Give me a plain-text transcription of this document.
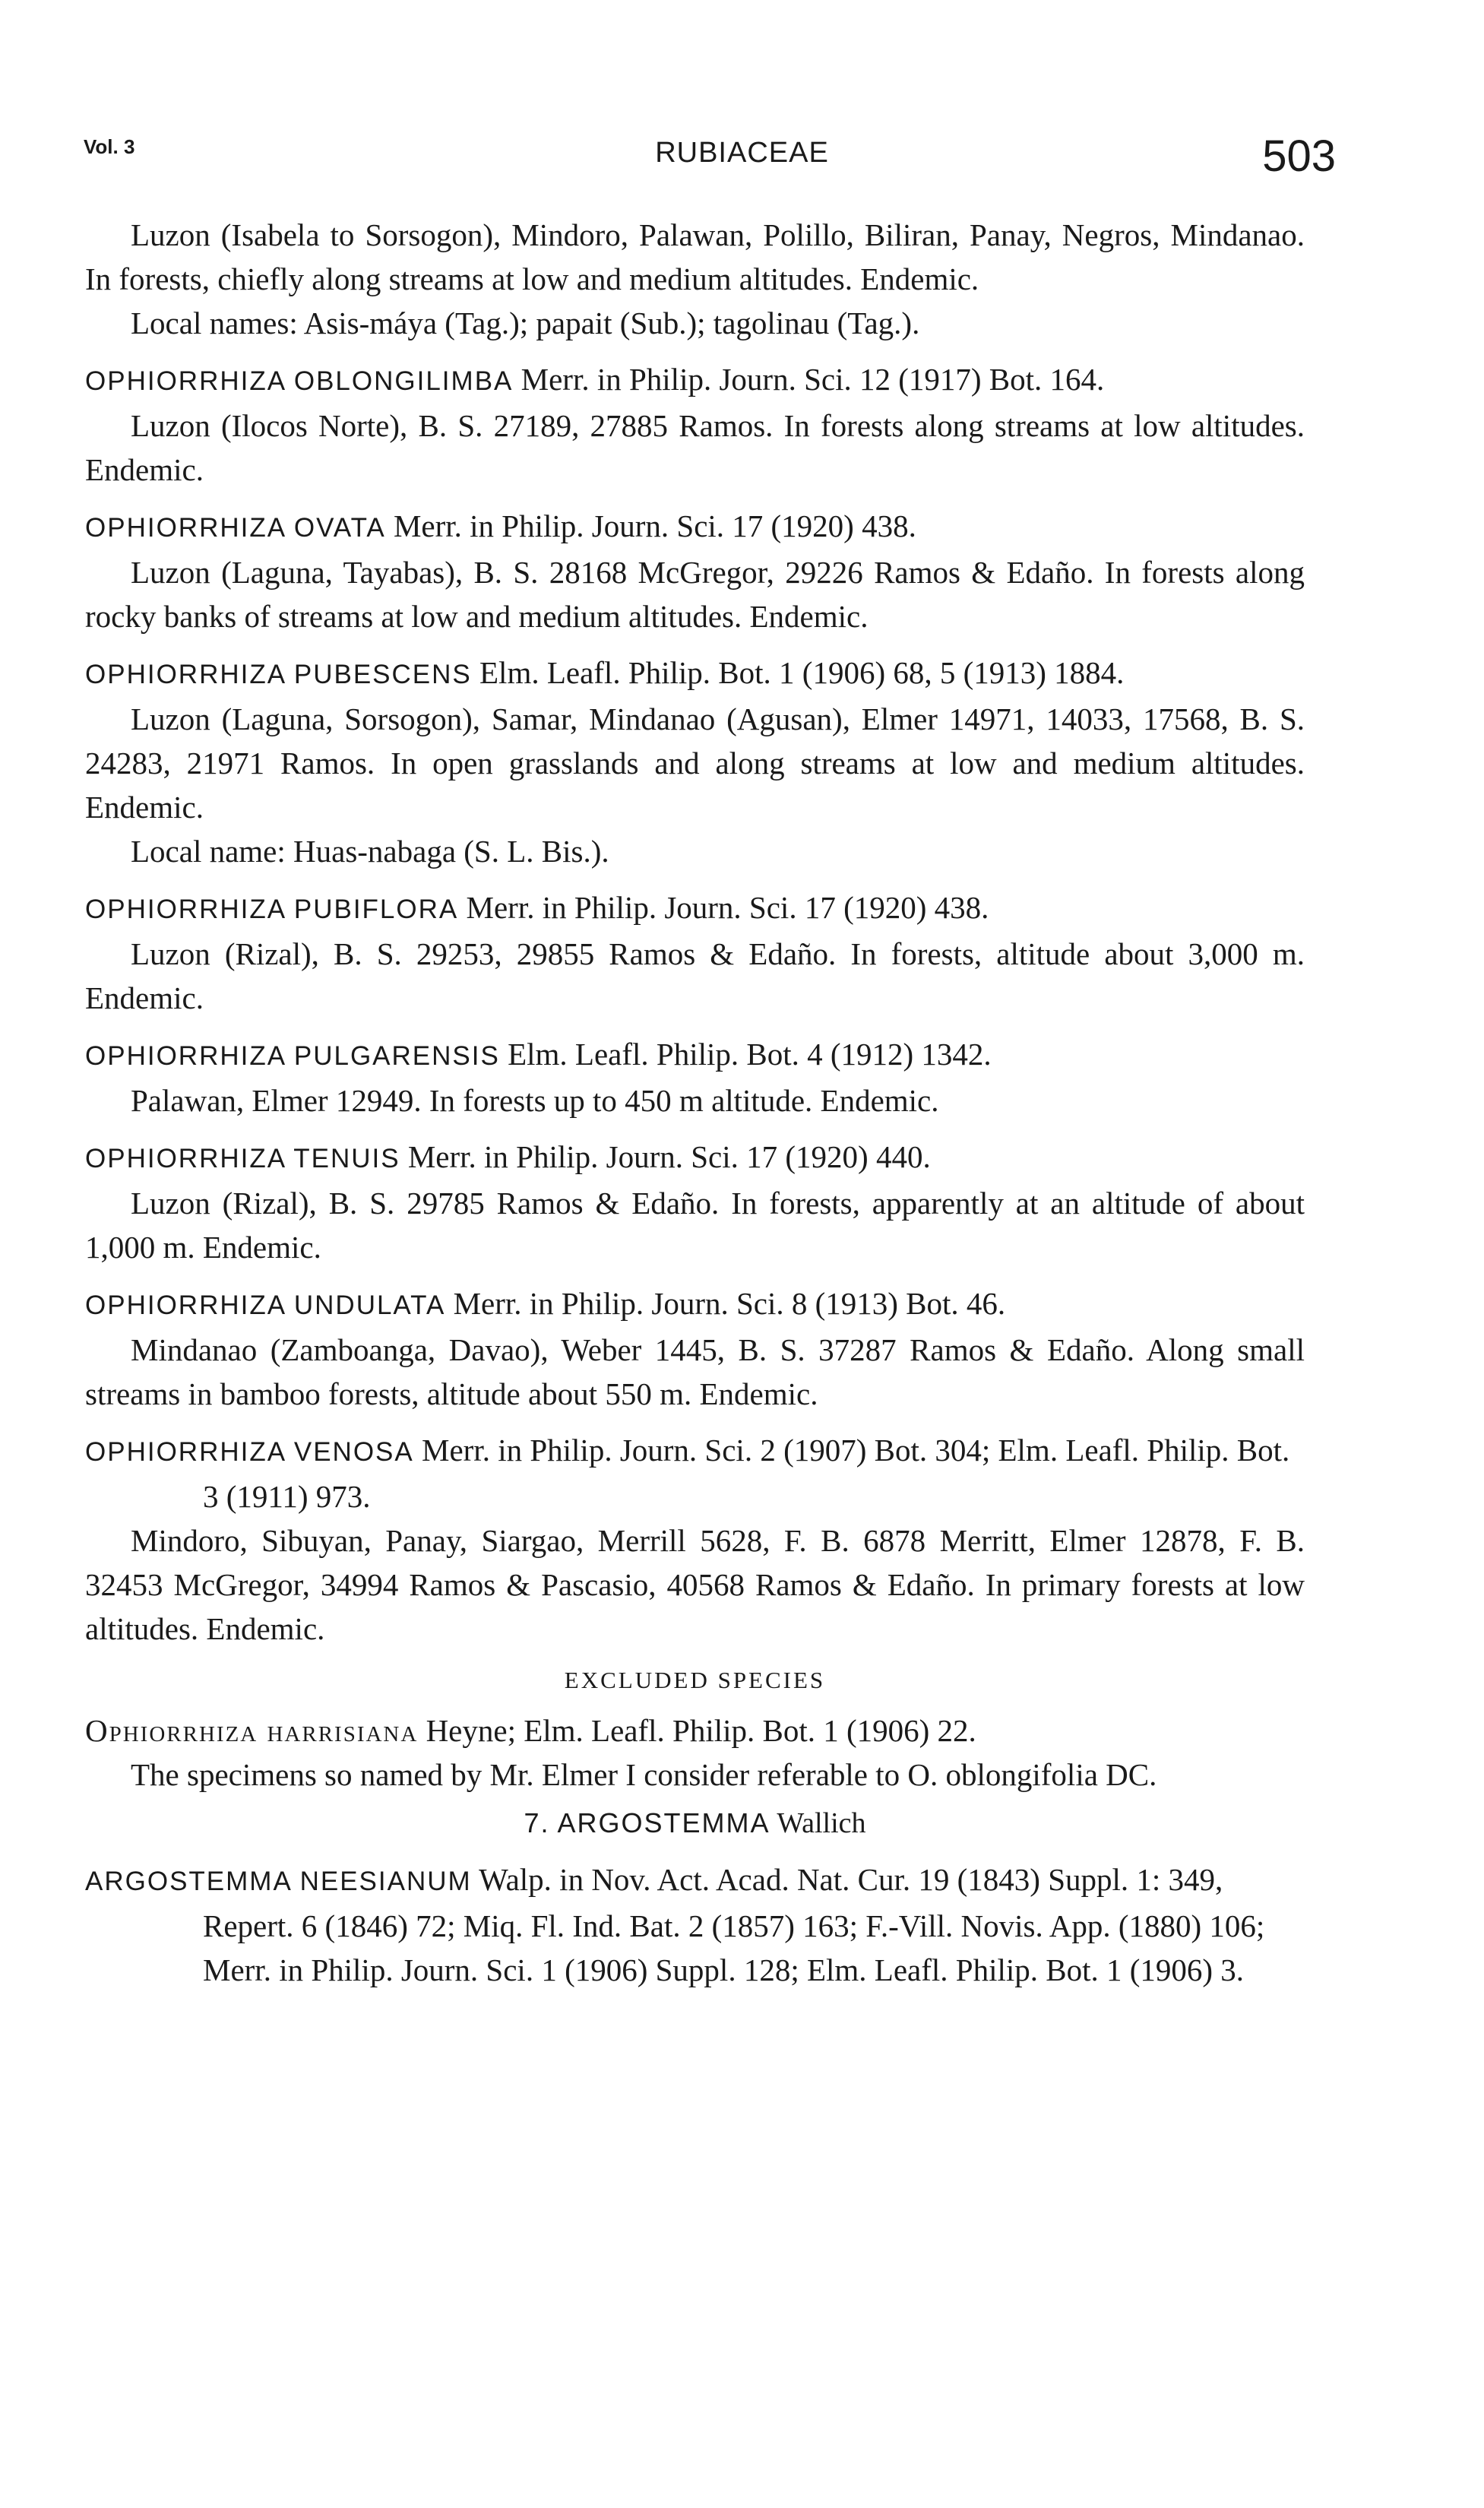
Vol. 3	RUBIACEAE	503

Luzon (Isabela to Sorsogon), Mindoro, Palawan, Polillo, Biliran, Panay, Negros, Mindanao. In forests, chiefly along streams at low and medium altitudes. Endemic.

Local names: Asis-máya (Tag.); papait (Sub.); tagolinau (Tag.).

OPHIORRHIZA OBLONGILIMBA Merr. in Philip. Journ. Sci. 12 (1917) Bot. 164.
Luzon (Ilocos Norte), B. S. 27189, 27885 Ramos. In forests along streams at low altitudes. Endemic.
OPHIORRHIZA OVATA Merr. in Philip. Journ. Sci. 17 (1920) 438.
Luzon (Laguna, Tayabas), B. S. 28168 McGregor, 29226 Ramos & Edaño. In forests along rocky banks of streams at low and medium altitudes. Endemic.
OPHIORRHIZA PUBESCENS Elm. Leafl. Philip. Bot. 1 (1906) 68, 5 (1913) 1884.
Luzon (Laguna, Sorsogon), Samar, Mindanao (Agusan), Elmer 14971, 14033, 17568, B. S. 24283, 21971 Ramos. In open grasslands and along streams at low and medium altitudes. Endemic.
Local name: Huas-nabaga (S. L. Bis.).
OPHIORRHIZA PUBIFLORA Merr. in Philip. Journ. Sci. 17 (1920) 438.
Luzon (Rizal), B. S. 29253, 29855 Ramos & Edaño. In forests, altitude about 3,000 m. Endemic.
OPHIORRHIZA PULGARENSIS Elm. Leafl. Philip. Bot. 4 (1912) 1342.
Palawan, Elmer 12949. In forests up to 450 m altitude. Endemic.
OPHIORRHIZA TENUIS Merr. in Philip. Journ. Sci. 17 (1920) 440.
Luzon (Rizal), B. S. 29785 Ramos & Edaño. In forests, apparently at an altitude of about 1,000 m. Endemic.
OPHIORRHIZA UNDULATA Merr. in Philip. Journ. Sci. 8 (1913) Bot. 46.
Mindanao (Zamboanga, Davao), Weber 1445, B. S. 37287 Ramos & Edaño. Along small streams in bamboo forests, altitude about 550 m. Endemic.
OPHIORRHIZA VENOSA Merr. in Philip. Journ. Sci. 2 (1907) Bot. 304; Elm. Leafl. Philip. Bot. 3 (1911) 973.
Mindoro, Sibuyan, Panay, Siargao, Merrill 5628, F. B. 6878 Merritt, Elmer 12878, F. B. 32453 McGregor, 34994 Ramos & Pascasio, 40568 Ramos & Edaño. In primary forests at low altitudes. Endemic.
EXCLUDED SPECIES
Ophiorrhiza harrisiana Heyne; Elm. Leafl. Philip. Bot. 1 (1906) 22.
The specimens so named by Mr. Elmer I consider referable to O. oblongifolia DC.
7. ARGOSTEMMA Wallich
ARGOSTEMMA NEESIANUM Walp. in Nov. Act. Acad. Nat. Cur. 19 (1843) Suppl. 1: 349, Repert. 6 (1846) 72; Miq. Fl. Ind. Bat. 2 (1857) 163; F.-Vill. Novis. App. (1880) 106; Merr. in Philip. Journ. Sci. 1 (1906) Suppl. 128; Elm. Leafl. Philip. Bot. 1 (1906) 3.
